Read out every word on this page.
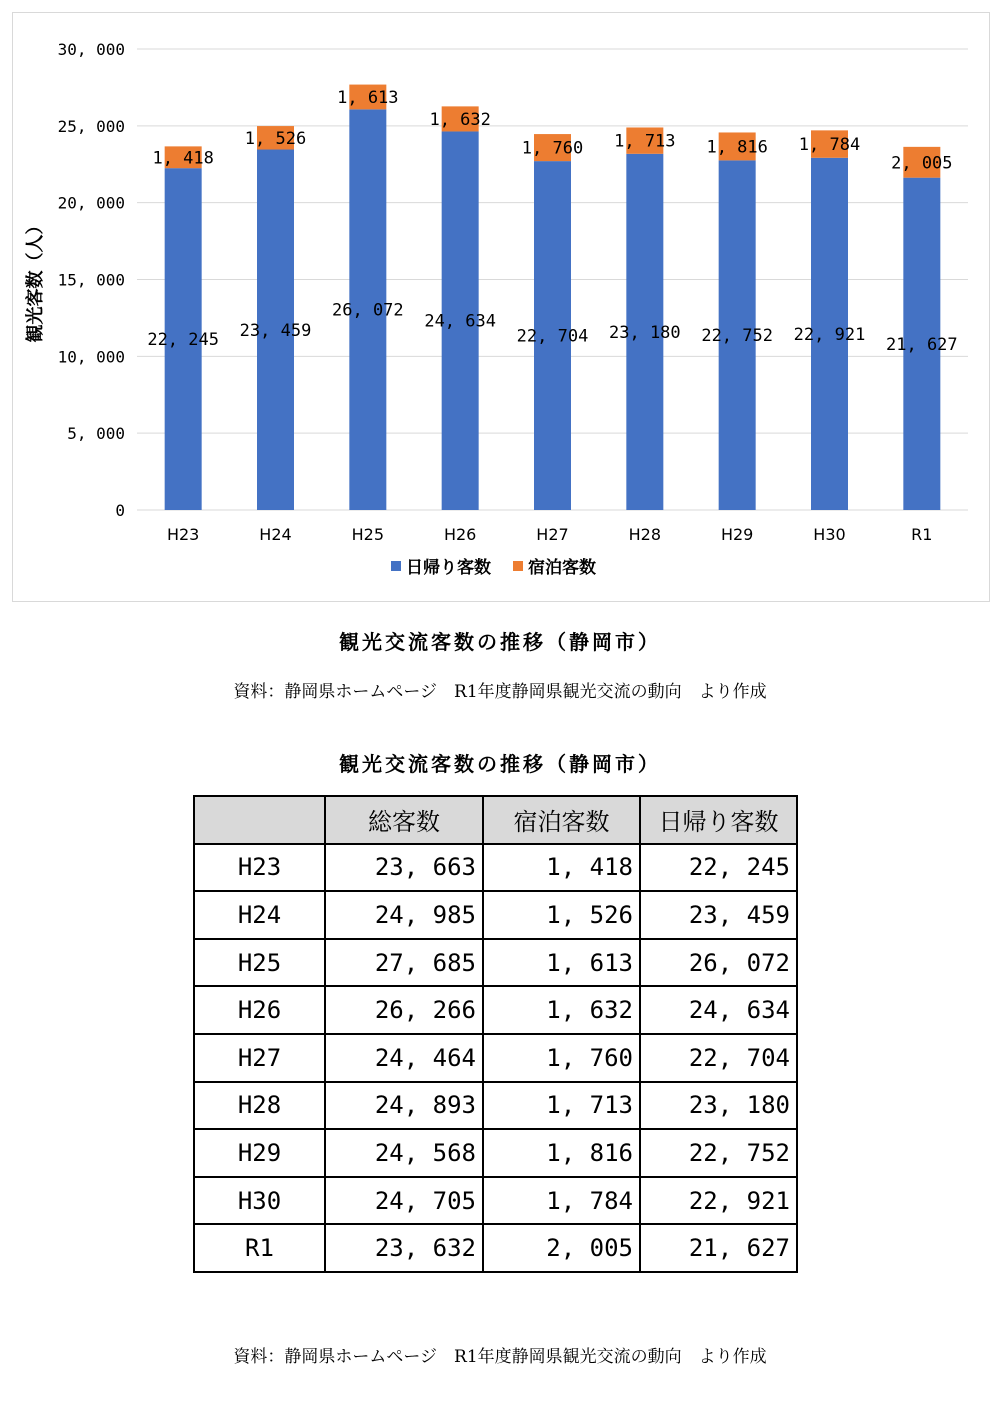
0
5, 000
10, 000
15, 000
20, 000
25, 000
30, 000
観光客数（人）	22, 245
1, 418
H23
23, 459
1, 526
H24
26, 072
1, 613
H25
24, 634
1, 632
H26
22, 704
1, 760
H27
23, 180
1, 713
H28
22, 752
1, 816
H29
22, 921
1, 784
H30
21, 627
2, 005
R1
日帰り客数 宿泊客数
観光交流客数の推移（静岡市）
資料：静岡県ホームページ　R1年度静岡県観光交流の動向　より作成
観光交流客数の推移（静岡市）
	総客数	宿泊客数	日帰り客数
H23	23, 663	1, 418	22, 245
H24	24, 985	1, 526	23, 459
H25	27, 685	1, 613	26, 072
H26	26, 266	1, 632	24, 634
H27	24, 464	1, 760	22, 704
H28	24, 893	1, 713	23, 180
H29	24, 568	1, 816	22, 752
H30	24, 705	1, 784	22, 921
R1	23, 632	2, 005	21, 627
資料：静岡県ホームページ　R1年度静岡県観光交流の動向　より作成
